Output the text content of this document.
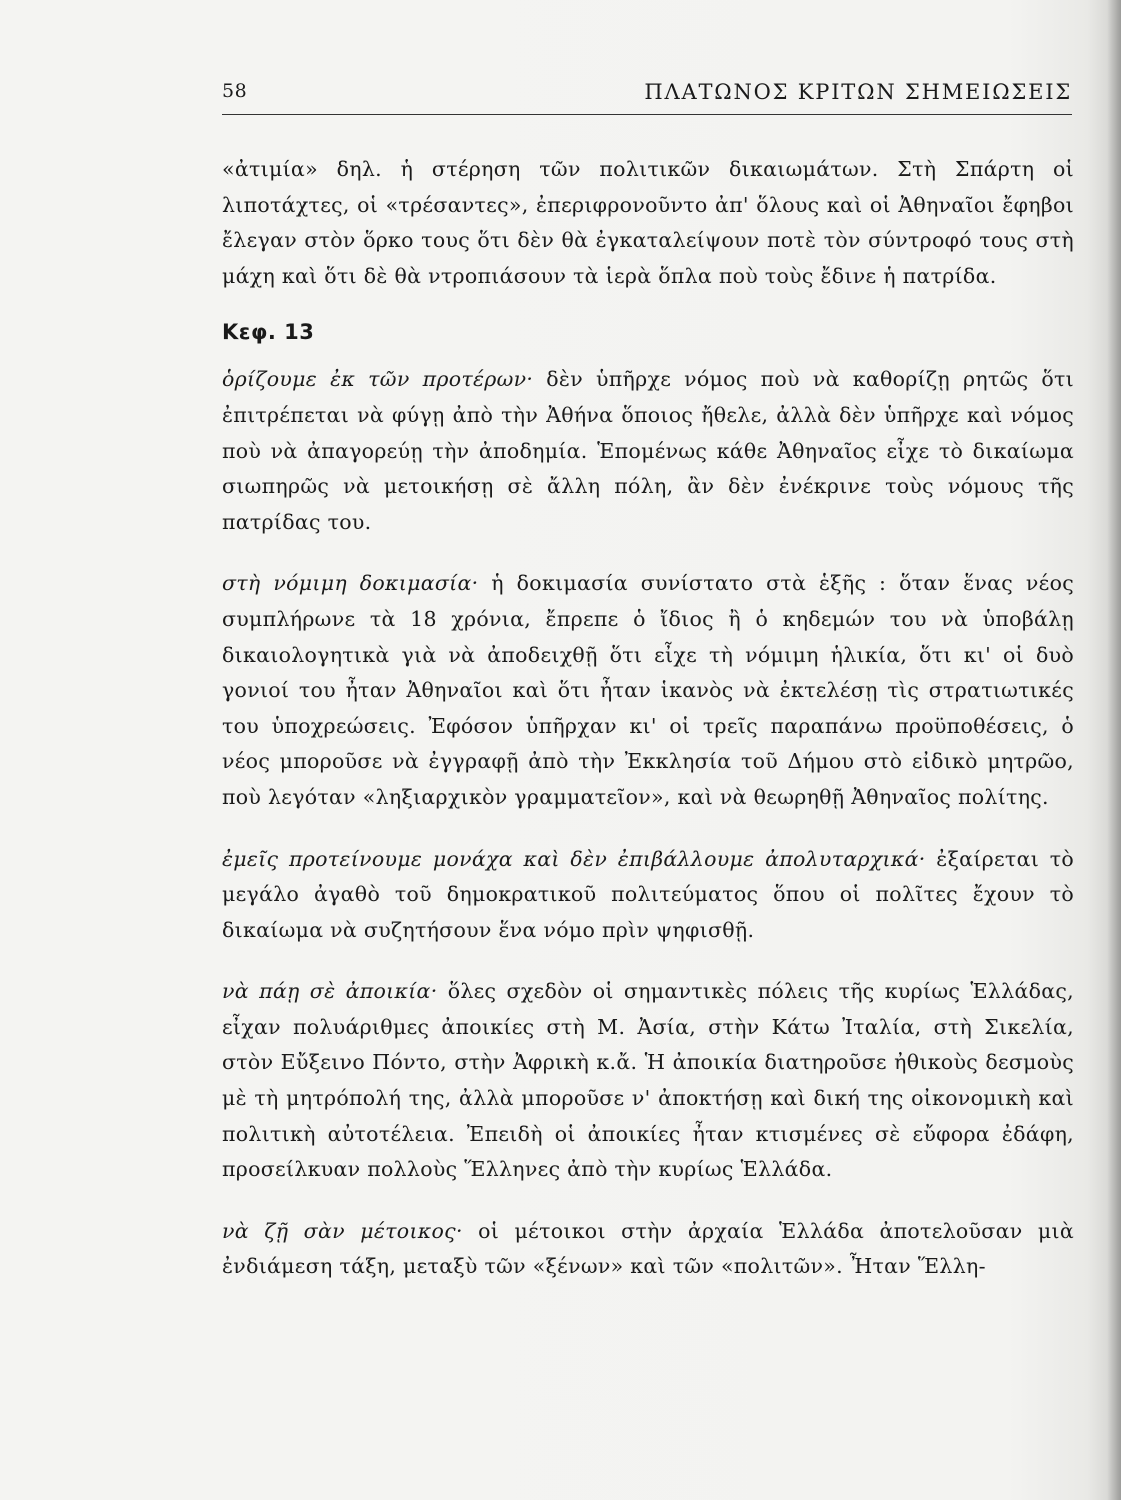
58	ΠΛΑΤΩΝΟΣ ΚΡΙΤΩΝ ΣΗΜΕΙΩΣΕΙΣ

«ἀτιμία» δηλ. ἡ στέρηση τῶν πολιτικῶν δικαιωμάτων. Στὴ Σπάρτη οἱ λιποτάχτες, οἱ «τρέσαντες», ἐπεριφρονοῦντο ἀπ' ὅλους καὶ οἱ Ἀθηναῖοι ἔφηβοι ἔλεγαν στὸν ὅρκο τους ὅτι δὲν θὰ ἐγκαταλείψουν ποτὲ τὸν σύντροφό τους στὴ μάχη καὶ ὅτι δὲ θὰ ντροπιάσουν τὰ ἱερὰ ὅπλα ποὺ τοὺς ἔδινε ἡ πατρίδα.

Κεφ. 13

ὁρίζουμε ἐκ τῶν προτέρων· δὲν ὑπῆρχε νόμος ποὺ νὰ καθορίζῃ ρητῶς ὅτι ἐπιτρέπεται νὰ φύγῃ ἀπὸ τὴν Ἀθήνα ὅποιος ἤθελε, ἀλλὰ δὲν ὑπῆρχε καὶ νόμος ποὺ νὰ ἀπαγορεύῃ τὴν ἀποδημία. Ἑπομένως κάθε Ἀθηναῖος εἶχε τὸ δικαίωμα σιωπηρῶς νὰ μετοικήσῃ σὲ ἄλλη πόλη, ἂν δὲν ἐνέκρινε τοὺς νόμους τῆς πατρίδας του.

στὴ νόμιμη δοκιμασία· ἡ δοκιμασία συνίστατο στὰ ἑξῆς : ὅταν ἕνας νέος συμπλήρωνε τὰ 18 χρόνια, ἔπρεπε ὁ ἴδιος ἢ ὁ κηδεμών του νὰ ὑποβάλῃ δικαιολογητικὰ γιὰ νὰ ἀποδειχθῇ ὅτι εἶχε τὴ νόμιμη ἡλικία, ὅτι κι' οἱ δυὸ γονιοί του ἦταν Ἀθηναῖοι καὶ ὅτι ἦταν ἱκανὸς νὰ ἐκτελέσῃ τὶς στρατιωτικές του ὑποχρεώσεις. Ἐφόσον ὑπῆρχαν κι' οἱ τρεῖς παραπάνω προϋποθέσεις, ὁ νέος μποροῦσε νὰ ἐγγραφῇ ἀπὸ τὴν Ἐκκλησία τοῦ Δήμου στὸ εἰδικὸ μητρῶο, ποὺ λεγόταν «ληξιαρχικὸν γραμματεῖον», καὶ νὰ θεωρηθῇ Ἀθηναῖος πολίτης.

ἐμεῖς προτείνουμε μονάχα καὶ δὲν ἐπιβάλλουμε ἀπολυταρχικά· ἐξαίρεται τὸ μεγάλο ἀγαθὸ τοῦ δημοκρατικοῦ πολιτεύματος ὅπου οἱ πολῖτες ἔχουν τὸ δικαίωμα νὰ συζητήσουν ἕνα νόμο πρὶν ψηφισθῇ.

νὰ πάῃ σὲ ἀποικία· ὅλες σχεδὸν οἱ σημαντικὲς πόλεις τῆς κυρίως Ἑλλάδας, εἶχαν πολυάριθμες ἀποικίες στὴ Μ. Ἀσία, στὴν Κάτω Ἰταλία, στὴ Σικελία, στὸν Εὔξεινο Πόντο, στὴν Ἀφρικὴ κ.ἄ. Ἡ ἀποικία διατηροῦσε ἠθικοὺς δεσμοὺς μὲ τὴ μητρόπολή της, ἀλλὰ μποροῦσε ν' ἀποκτήσῃ καὶ δική της οἰκονομικὴ καὶ πολιτικὴ αὐτοτέλεια. Ἐπειδὴ οἱ ἀποικίες ἦταν κτισμένες σὲ εὔφορα ἐδάφη, προσείλκυαν πολλοὺς Ἕλληνες ἀπὸ τὴν κυρίως Ἑλλάδα.

νὰ ζῇ σὰν μέτοικος· οἱ μέτοικοι στὴν ἀρχαία Ἑλλάδα ἀποτελοῦσαν μιὰ ἐνδιάμεση τάξη, μεταξὺ τῶν «ξένων» καὶ τῶν «πολιτῶν». Ἦταν Ἕλλη-
